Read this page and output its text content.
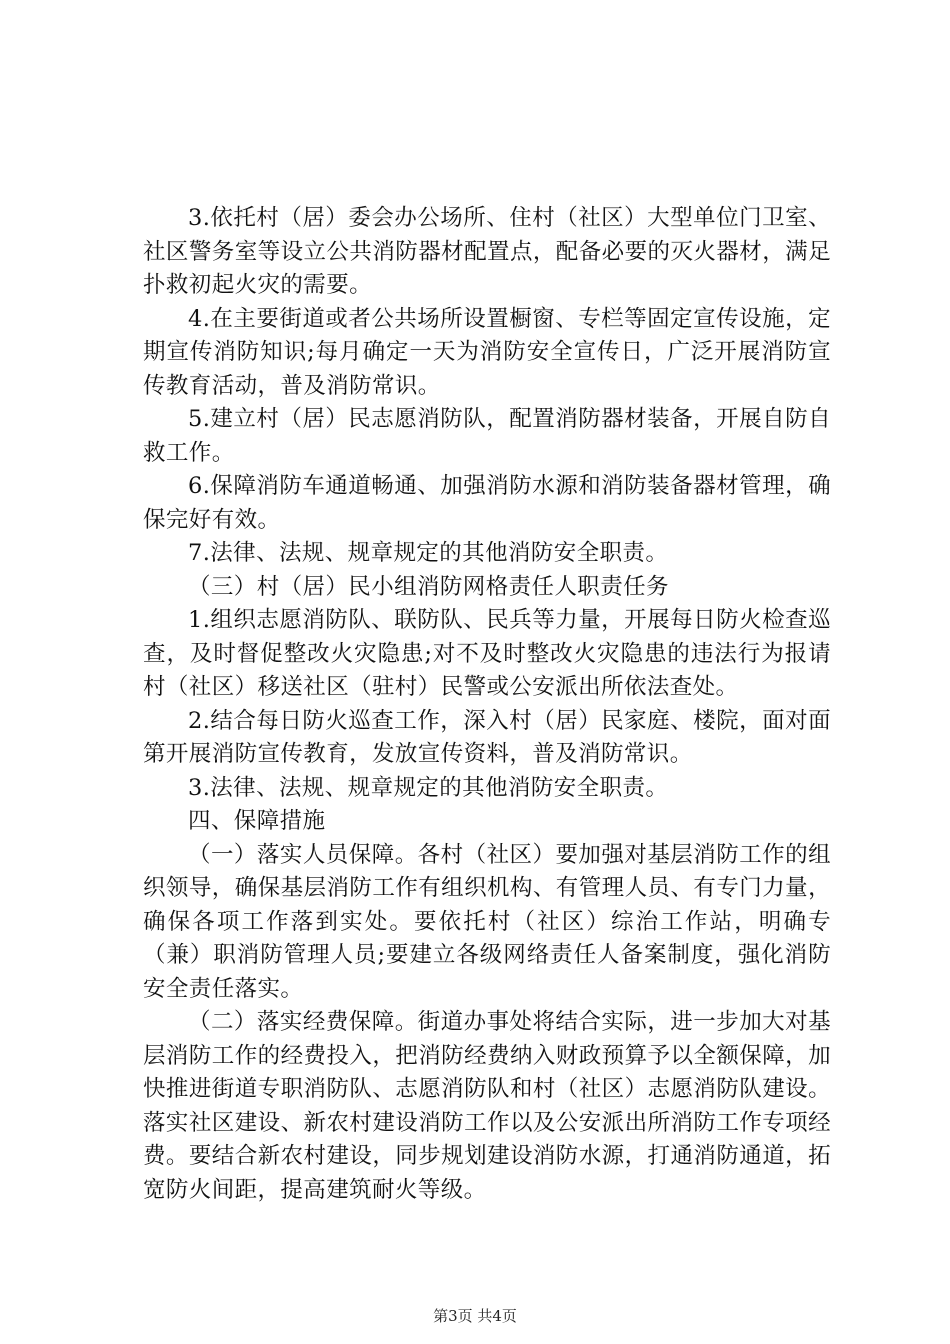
3.依托村（居）委会办公场所、住村（社区）大型单位门卫室、社区警务室等设立公共消防器材配置点，配备必要的灭火器材，满足扑救初起火灾的需要。

4.在主要街道或者公共场所设置橱窗、专栏等固定宣传设施，定期宣传消防知识;每月确定一天为消防安全宣传日，广泛开展消防宣传教育活动，普及消防常识。

5.建立村（居）民志愿消防队，配置消防器材装备，开展自防自救工作。

6.保障消防车通道畅通、加强消防水源和消防装备器材管理，确保完好有效。

7.法律、法规、规章规定的其他消防安全职责。

（三）村（居）民小组消防网格责任人职责任务

1.组织志愿消防队、联防队、民兵等力量，开展每日防火检查巡查，及时督促整改火灾隐患;对不及时整改火灾隐患的违法行为报请村（社区）移送社区（驻村）民警或公安派出所依法查处。

2.结合每日防火巡查工作，深入村（居）民家庭、楼院，面对面第开展消防宣传教育，发放宣传资料，普及消防常识。

3.法律、法规、规章规定的其他消防安全职责。

四、保障措施

（一）落实人员保障。各村（社区）要加强对基层消防工作的组织领导，确保基层消防工作有组织机构、有管理人员、有专门力量，确保各项工作落到实处。要依托村（社区）综治工作站，明确专（兼）职消防管理人员;要建立各级网络责任人备案制度，强化消防安全责任落实。

（二）落实经费保障。街道办事处将结合实际，进一步加大对基层消防工作的经费投入，把消防经费纳入财政预算予以全额保障，加快推进街道专职消防队、志愿消防队和村（社区）志愿消防队建设。落实社区建设、新农村建设消防工作以及公安派出所消防工作专项经费。要结合新农村建设，同步规划建设消防水源，打通消防通道，拓宽防火间距，提高建筑耐火等级。

第3页 共4页
